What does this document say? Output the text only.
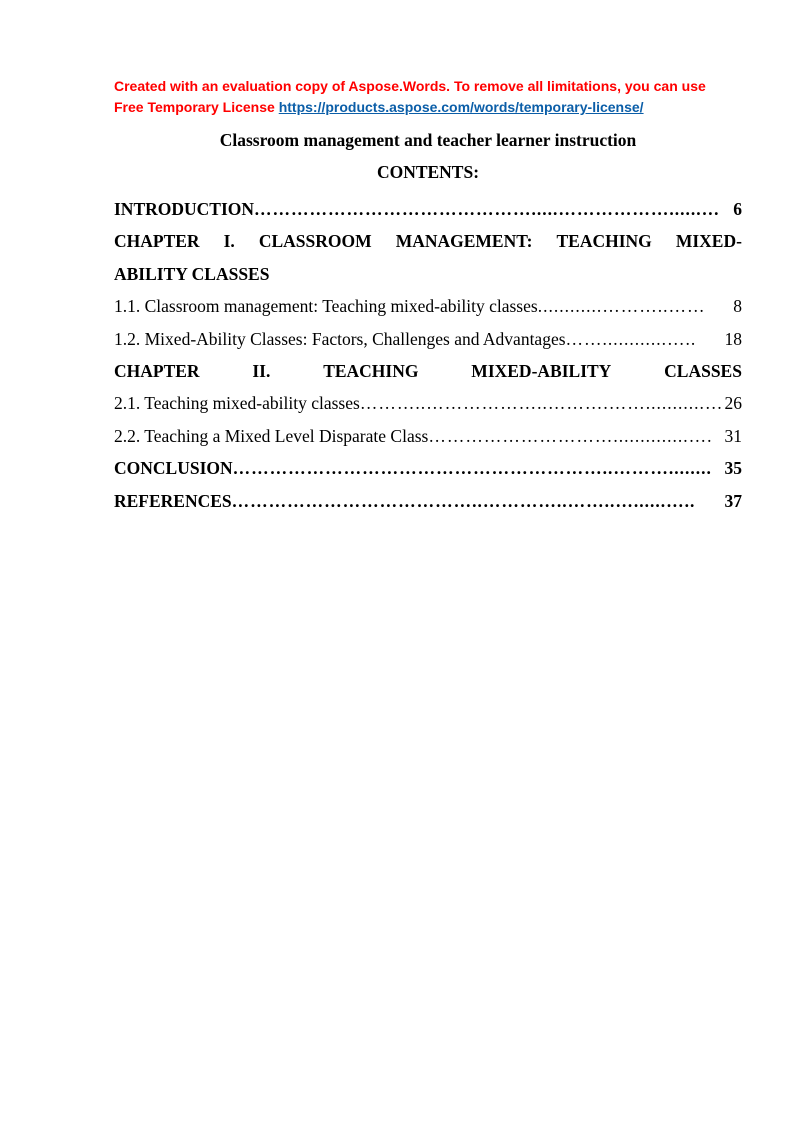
Created with an evaluation copy of Aspose.Words. To remove all limitations, you can use
Free Temporary License https://products.aspose.com/words/temporary-license/
Classroom management and teacher learner instruction
CONTENTS:
INTRODUCTION ……………………………………….....………………......… 6
CHAPTER I. CLASSROOM MANAGEMENT: TEACHING MIXED-
ABILITY CLASSES
1.1. Classroom management: Teaching mixed-ability classes ............………..……	8
1.2. Mixed-Ability Classes: Factors, Challenges and Advantages ……............…..	18
CHAPTER	II.	TEACHING	MIXED-ABILITY	CLASSES
2.1. Teaching mixed-ability classes ………..………………..……….……...........… 26
2.2. Teaching a Mixed Level Disparate Class …………………………..............…. 31
CONCLUSION ……………………………………………………..………........ 35
REFERENCES …………………………………..…………..……..…......…..	37
